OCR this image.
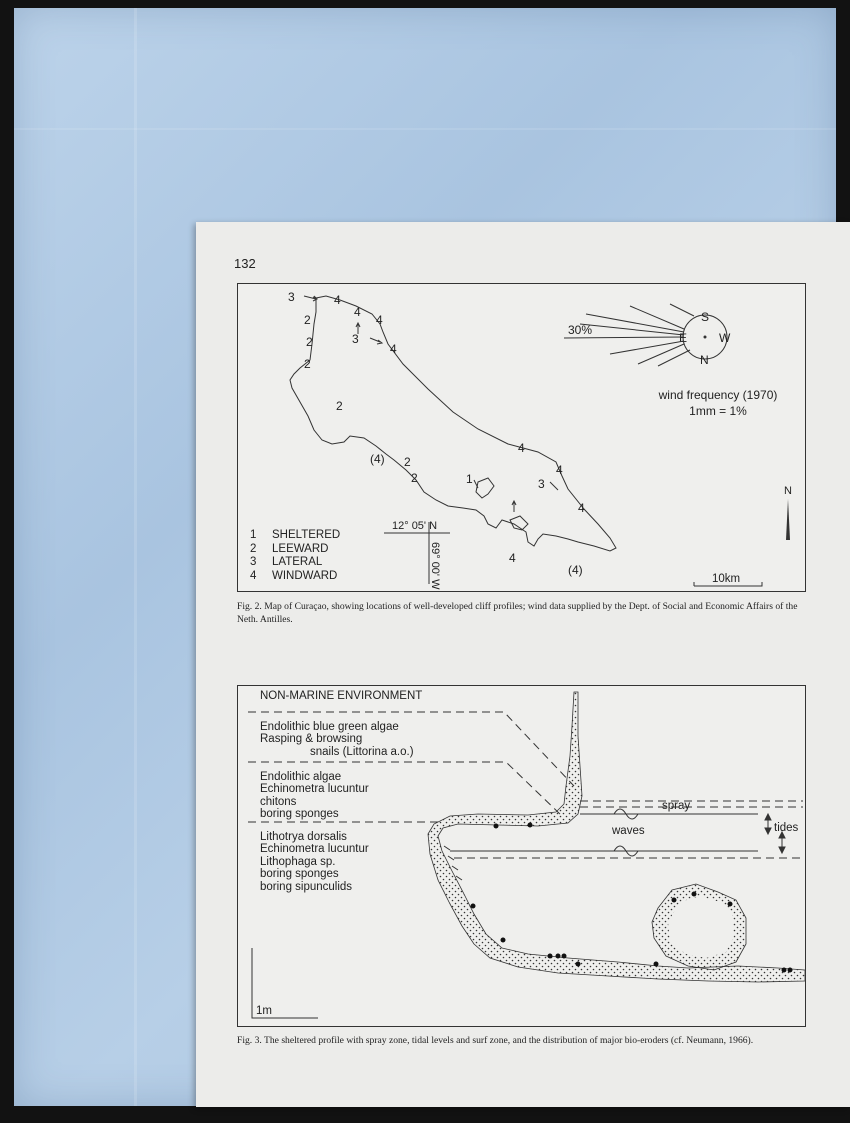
132
3	4
4
4
2
3
4
2
2
2
(4) 2
2	1
4
4
3
4
4
(4)
12° 05' N
69° 00' W
S
E	W
N
30%
N
10km
1	SHELTERED
2	LEEWARD
3	LATERAL
4	WINDWARD
wind frequency (1970)
1mm = 1%
Fig. 2. Map of Curaçao, showing locations of well-developed cliff profiles; wind data supplied by the Dept. of Social and Economic Affairs of the Neth. Antilles.
spray
waves	tides
1m
NON-MARINE ENVIRONMENT
Endolithic blue green algae
Rasping & browsing
snails (Littorina a.o.)
Endolithic algae
Echinometra lucuntur
chitons
boring sponges
Lithotrya dorsalis
Echinometra lucuntur
Lithophaga sp.
boring sponges
boring sipunculids
Fig. 3. The sheltered profile with spray zone, tidal levels and surf zone, and the distribution of major bio-eroders (cf. Neumann, 1966).
